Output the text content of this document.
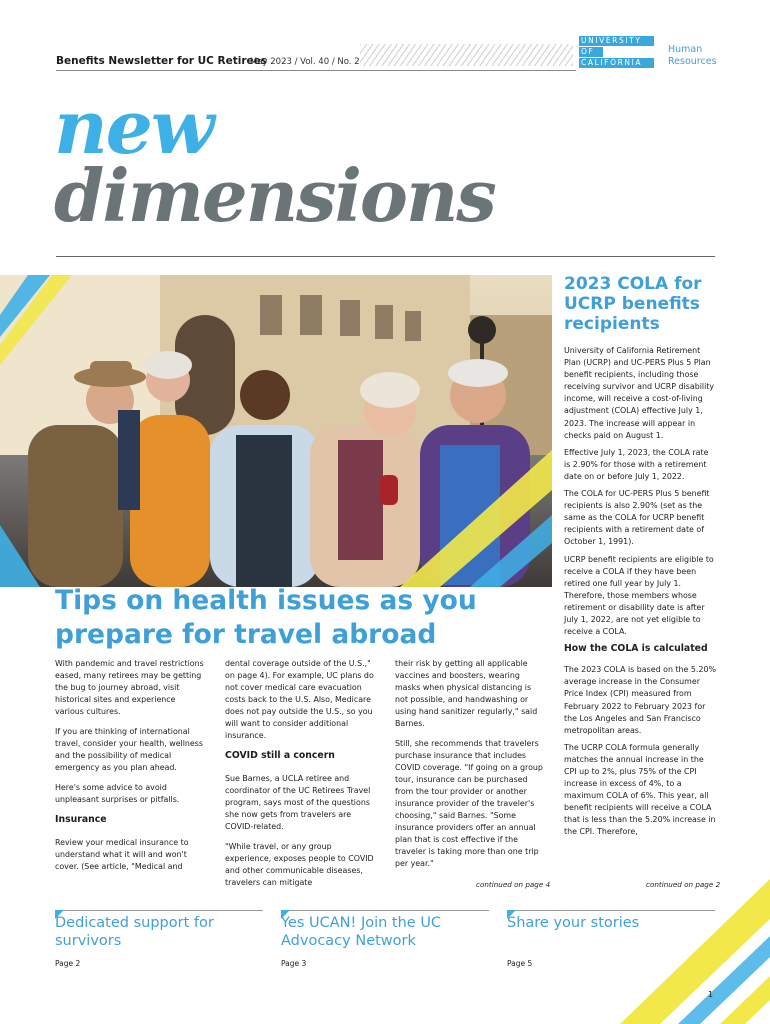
Benefits Newsletter for UC Retirees
May 2023 / Vol. 40 / No. 2
UNIVERSITY
OF
CALIFORNIA
Human
Resources
new
dimensions
2023 COLA for UCRP benefits recipients

University of California Retirement Plan (UCRP) and UC-PERS Plus 5 Plan benefit recipients, including those receiving survivor and UCRP disability income, will receive a cost-of-living adjustment (COLA) effective July 1, 2023. The increase will appear in checks paid on August 1.

Effective July 1, 2023, the COLA rate is 2.90% for those with a retirement date on or before July 1, 2022.

The COLA for UC-PERS Plus 5 benefit recipients is also 2.90% (set as the same as the COLA for UCRP benefit recipients with a retirement date of October 1, 1991).

UCRP benefit recipients are eligible to receive a COLA if they have been retired one full year by July 1. Therefore, those members whose retirement or disability date is after July 1, 2022, are not yet eligible to receive a COLA.

How the COLA is calculated

The 2023 COLA is based on the 5.20% average increase in the Consumer Price Index (CPI) measured from February 2022 to February 2023 for the Los Angeles and San Francisco metropolitan areas.

The UCRP COLA formula generally matches the annual increase in the CPI up to 2%, plus 75% of the CPI increase in excess of 4%, to a maximum COLA of 6%. This year, all benefit recipients will receive a COLA that is less than the 5.20% increase in the CPI. Therefore,

continued on page 2
Tips on health issues as you prepare for travel abroad

With pandemic and travel restrictions eased, many retirees may be getting the bug to journey abroad, visit historical sites and experience various cultures.

If you are thinking of international travel, consider your health, wellness and the possibility of medical emergency as you plan ahead.

Here's some advice to avoid unpleasant surprises or pitfalls.

Insurance

Review your medical insurance to understand what it will and won't cover. (See article, "Medical and

dental coverage outside of the U.S.," on page 4). For example, UC plans do not cover medical care evacuation costs back to the U.S. Also, Medicare does not pay outside the U.S., so you will want to consider additional insurance.

COVID still a concern

Sue Barnes, a UCLA retiree and coordinator of the UC Retirees Travel program, says most of the questions she now gets from travelers are COVID-related.

"While travel, or any group experience, exposes people to COVID and other communicable diseases, travelers can mitigate

their risk by getting all applicable vaccines and boosters, wearing masks when physical distancing is not possible, and handwashing or using hand sanitizer regularly," said Barnes.

Still, she recommends that travelers purchase insurance that includes COVID coverage. "If going on a group tour, insurance can be purchased from the tour provider or another insurance provider of the traveler's choosing," said Barnes. "Some insurance providers offer an annual plan that is cost effective if the traveler is taking more than one trip per year."

continued on page 4
Dedicated support for survivors
Page 2
Yes UCAN! Join the UC Advocacy Network
Page 3
Share your stories
Page 5
1
